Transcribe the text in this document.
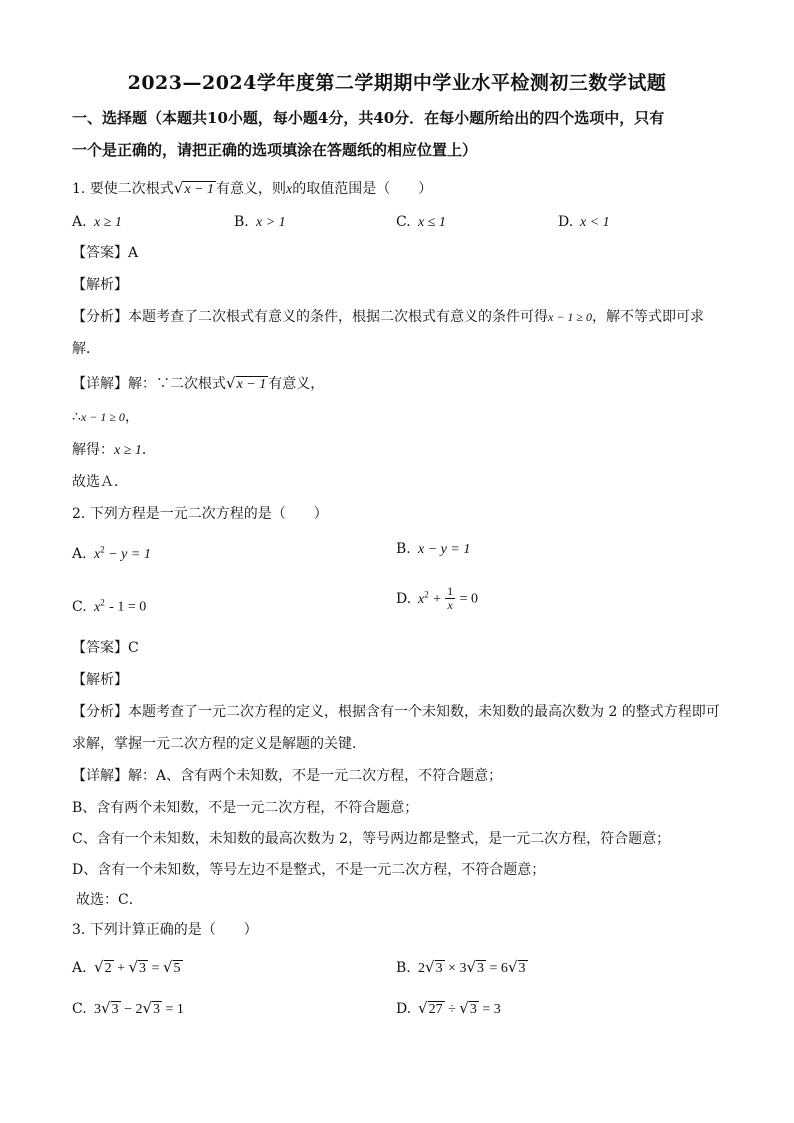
2023—2024学年度第二学期期中学业水平检测初三数学试题
一、选择题（本题共10小题，每小题4分，共40分．在每小题所给出的四个选项中，只有
一个是正确的，请把正确的选项填涂在答题纸的相应位置上）
1. 要使二次根式√x − 1 有意义，则x的取值范围是（　　）
A. x ≥ 1	B. x > 1	C. x ≤ 1	D. x < 1
【答案】A
【解析】
【分析】本题考查了二次根式有意义的条件，根据二次根式有意义的条件可得x − 1 ≥ 0，解不等式即可求
解．
【详解】解：∵二次根式√x − 1 有意义，
∴x − 1 ≥ 0，
解得：x ≥ 1．
故选Ａ．
2. 下列方程是一元二次方程的是（　　）
A. $x^2 - y = 1$	B. x − y = 1
C. $x^2 - 1 = 0$
D. $x^2 + \frac{1}{x} = 0$
【答案】C
【解析】
【分析】本题考查了一元二次方程的定义，根据含有一个未知数，未知数的最高次数为 2 的整式方程即可
求解，掌握一元二次方程的定义是解题的关键．
【详解】解：A、含有两个未知数，不是一元二次方程，不符合题意；
B、含有两个未知数，不是一元二次方程，不符合题意；
C、含有一个未知数，未知数的最高次数为 2，等号两边都是整式，是一元二次方程，符合题意；
D、含有一个未知数，等号左边不是整式，不是一元二次方程，不符合题意；
故选：C．
3. 下列计算正确的是（　　）
A. √2 + √3 = √5	B. 2√3 × 3√3 = 6√3
C. 3√3 − 2√3 = 1	D. √27 ÷ √3 = 3
